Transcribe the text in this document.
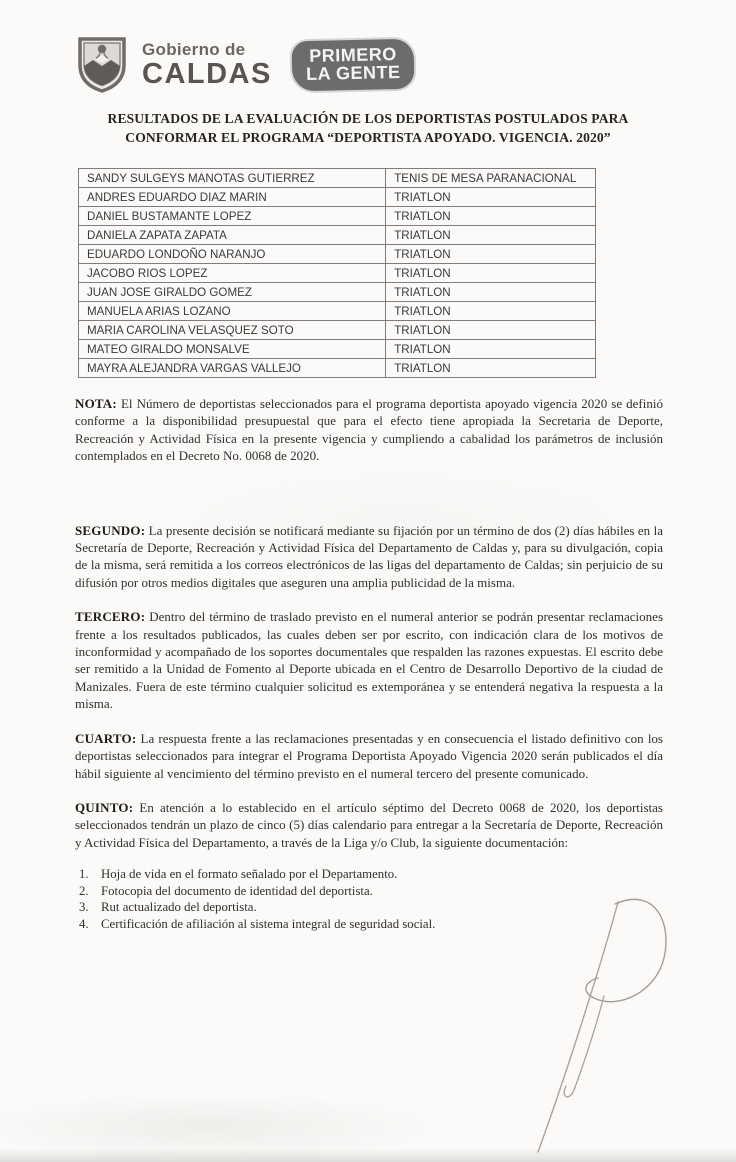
Gobierno de
CALDAS
PRIMERO
LA GENTE
RESULTADOS DE LA EVALUACIÓN DE LOS DEPORTISTAS POSTULADOS PARA
CONFORMAR EL PROGRAMA “DEPORTISTA APOYADO. VIGENCIA. 2020”
SANDY SULGEYS MANOTAS GUTIERREZ	TENIS DE MESA PARANACIONAL
ANDRES EDUARDO DIAZ MARIN	TRIATLON
DANIEL BUSTAMANTE LOPEZ	TRIATLON
DANIELA ZAPATA ZAPATA	TRIATLON
EDUARDO LONDOÑO NARANJO	TRIATLON
JACOBO RIOS LOPEZ	TRIATLON
JUAN JOSE GIRALDO GOMEZ	TRIATLON
MANUELA ARIAS LOZANO	TRIATLON
MARIA CAROLINA VELASQUEZ SOTO	TRIATLON
MATEO GIRALDO MONSALVE	TRIATLON
MAYRA ALEJANDRA VARGAS VALLEJO	TRIATLON

NOTA: El Número de deportistas seleccionados para el programa deportista apoyado vigencia 2020 se definió conforme a la disponibilidad presupuestal que para el efecto tiene apropiada la Secretaria de Deporte, Recreación y Actividad Física en la presente vigencia y cumpliendo a cabalidad los parámetros de inclusión contemplados en el Decreto No. 0068 de 2020.

SEGUNDO: La presente decisión se notificará mediante su fijación por un término de dos (2) días hábiles en la Secretaría de Deporte, Recreación y Actividad Física del Departamento de Caldas y, para su divulgación, copia de la misma, será remitida a los correos electrónicos de las ligas del departamento de Caldas; sin perjuicio de su difusión por otros medios digitales que aseguren una amplia publicidad de la misma.

TERCERO: Dentro del término de traslado previsto en el numeral anterior se podrán presentar reclamaciones frente a los resultados publicados, las cuales deben ser por escrito, con indicación clara de los motivos de inconformidad y acompañado de los soportes documentales que respalden las razones expuestas. El escrito debe ser remitido a la Unidad de Fomento al Deporte ubicada en el Centro de Desarrollo Deportivo de la ciudad de Manizales. Fuera de este término cualquier solicitud es extemporánea y se entenderá negativa la respuesta a la misma.

CUARTO: La respuesta frente a las reclamaciones presentadas y en consecuencia el listado definitivo con los deportistas seleccionados para integrar el Programa Deportista Apoyado Vigencia 2020 serán publicados el día hábil siguiente al vencimiento del término previsto en el numeral tercero del presente comunicado.

QUINTO: En atención a lo establecido en el artículo séptimo del Decreto 0068 de 2020, los deportistas seleccionados tendrán un plazo de cinco (5) días calendario para entregar a la Secretaría de Deporte, Recreación y Actividad Física del Departamento, a través de la Liga y/o Club, la siguiente documentación:

1. Hoja de vida en el formato señalado por el Departamento.
2. Fotocopia del documento de identidad del deportista.
3. Rut actualizado del deportista.
4. Certificación de afiliación al sistema integral de seguridad social.
